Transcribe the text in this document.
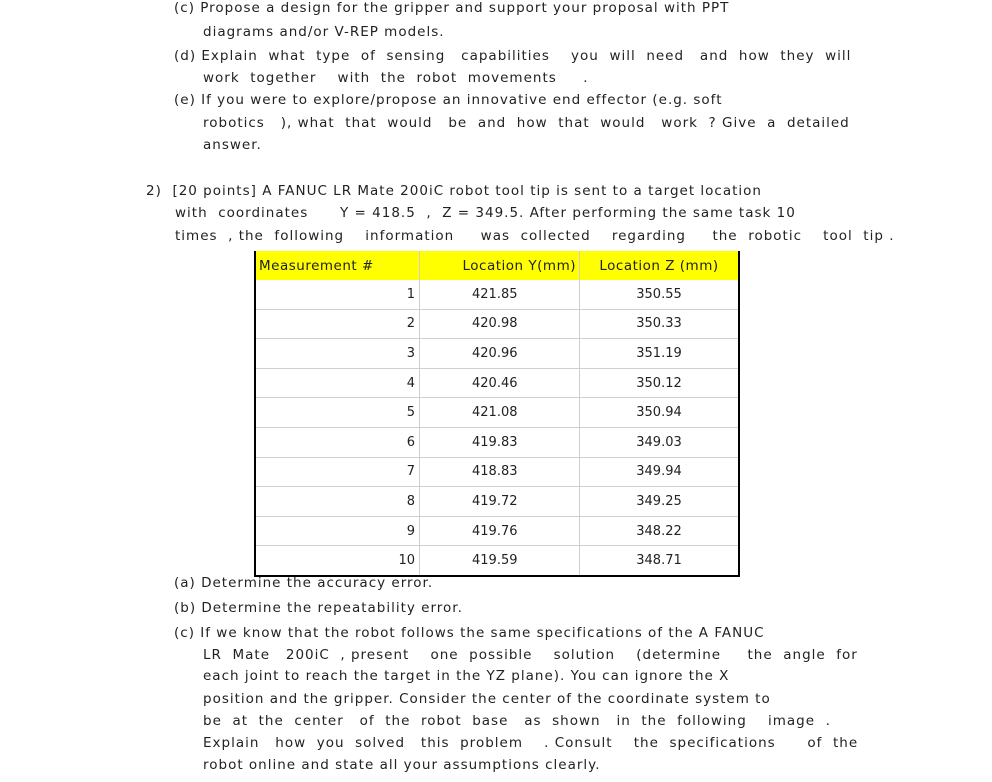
(c) Propose a design for the gripper and support your proposal with PPT
diagrams and/or V-REP models.
(d) Explain  what  type  of  sensing   capabilities    you  will  need   and  how  they  will
work  together    with  the  robot  movements     .
(e) If you were to explore/propose an innovative end effector (e.g. soft
robotics   ), what  that  would   be  and  how  that  would   work  ? Give  a  detailed
answer.
2)  [20 points] A FANUC LR Mate 200iC robot tool tip is sent to a target location
with  coordinates      Y = 418.5  ,  Z = 349.5. After performing the same task 10
times  , the  following    information     was  collected    regarding     the  robotic    tool  tip .
Measurement #	Location Y(mm)	Location Z (mm)
1	421.85	350.55
2	420.98	350.33
3	420.96	351.19
4	420.46	350.12
5	421.08	350.94
6	419.83	349.03
7	418.83	349.94
8	419.72	349.25
9	419.76	348.22
10	419.59	348.71
(a) Determine the accuracy error.
(b) Determine the repeatability error.
(c) If we know that the robot follows the same specifications of the A FANUC
LR  Mate   200iC  , present    one  possible    solution    (determine     the  angle  for
each joint to reach the target in the YZ plane). You can ignore the X
position and the gripper. Consider the center of the coordinate system to
be  at  the  center   of  the  robot  base   as  shown   in  the  following    image  .
Explain   how  you  solved   this  problem    . Consult    the  specifications      of  the
robot online and state all your assumptions clearly.
